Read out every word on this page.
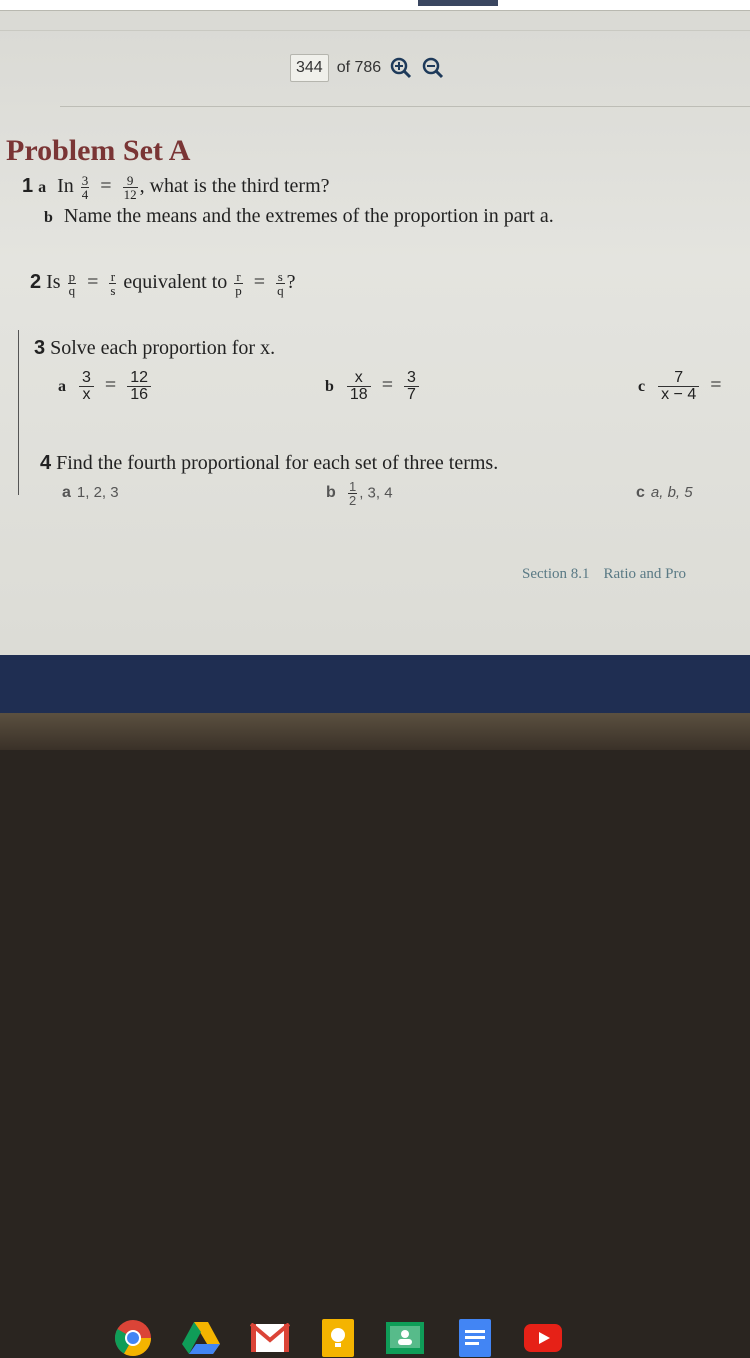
344 of 786
Problem Set A
1 a In $\frac{3}{4} = \frac{9}{12}$ , what is the third term?
b Name the means and the extremes of the proportion in part a.
2 Is $\frac{p}{q} = \frac{r}{s}$ equivalent to $\frac{r}{p} = \frac{s}{q}$ ?
3 Solve each proportion for x.
a $\frac{3}{x} = \frac{12}{16}$	b $\frac{x}{18} = \frac{3}{7}$	c $\frac{7}{x - 4}$ =
4 Find the fourth proportional for each set of three terms.
a 1, 2, 3	b $\frac{1}{2}$ , 3, 4	c a, b, 5
Section 8.1 Ratio and Pro
